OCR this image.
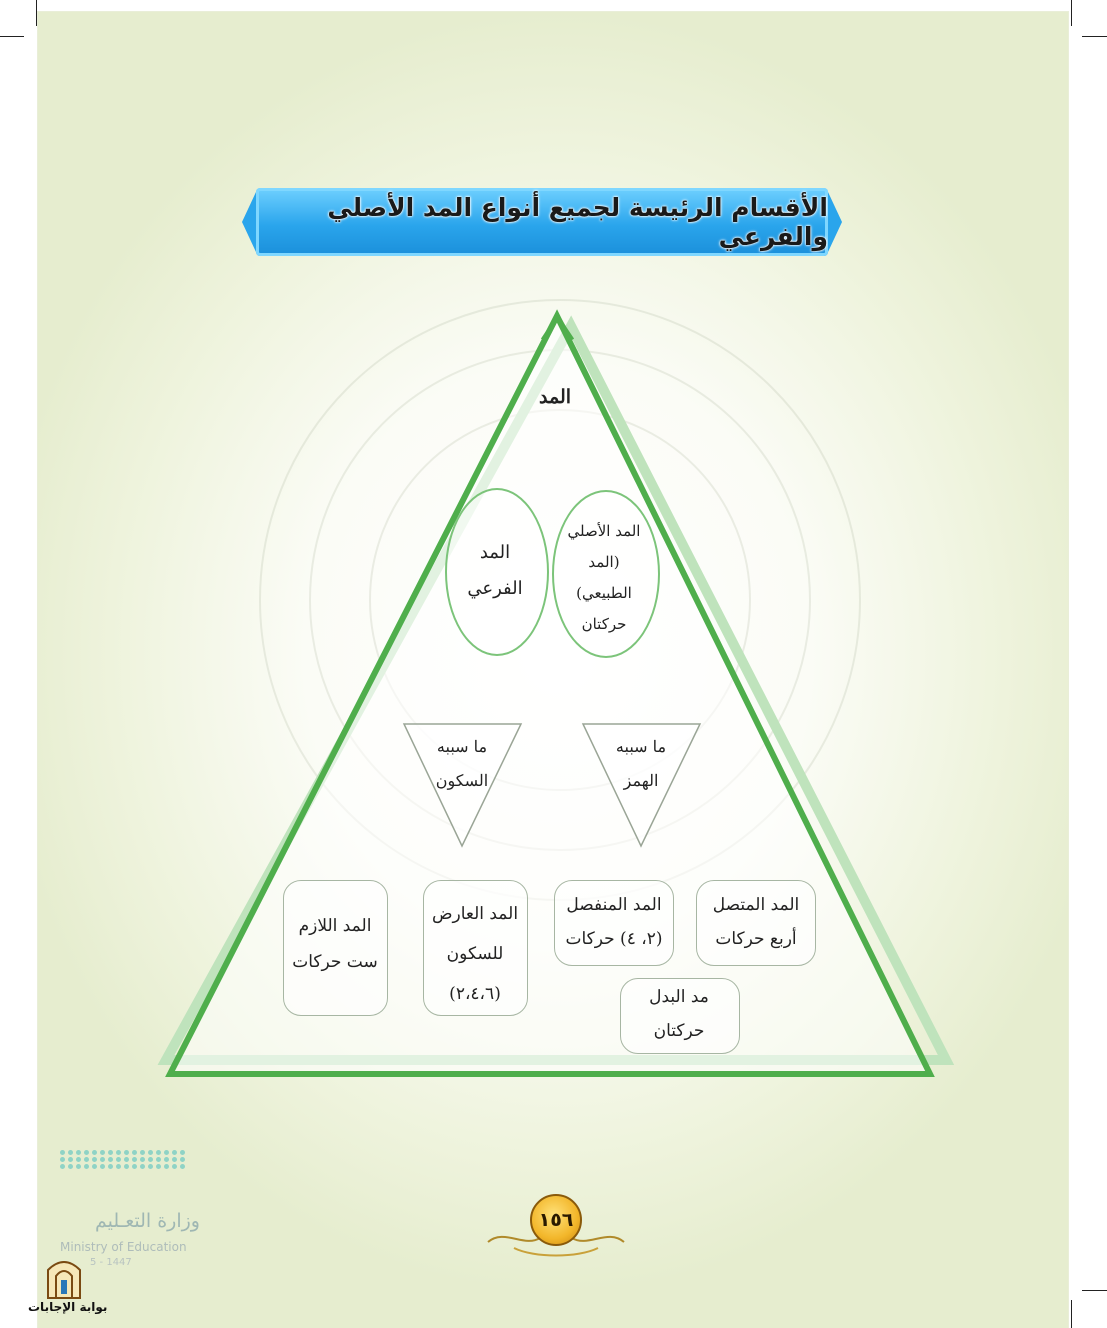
الأقسام الرئيسة لجميع أنواع المد الأصلي والفرعي
المد
المد الأصلي
(المد
الطبيعي)
حركتان
المد
الفرعي
ما سببه
الهمز
ما سببه
السكون
المد المتصل
أربع حركات
المد المنفصل
(٢، ٤) حركات
المد العارض
للسكون
(٢،٤،٦)
المد اللازم
ست حركات
مد البدل
حركتان
١٥٦
وزارة التعـليم
Ministry of Education
5 - 1447
بوابة الإجابات
